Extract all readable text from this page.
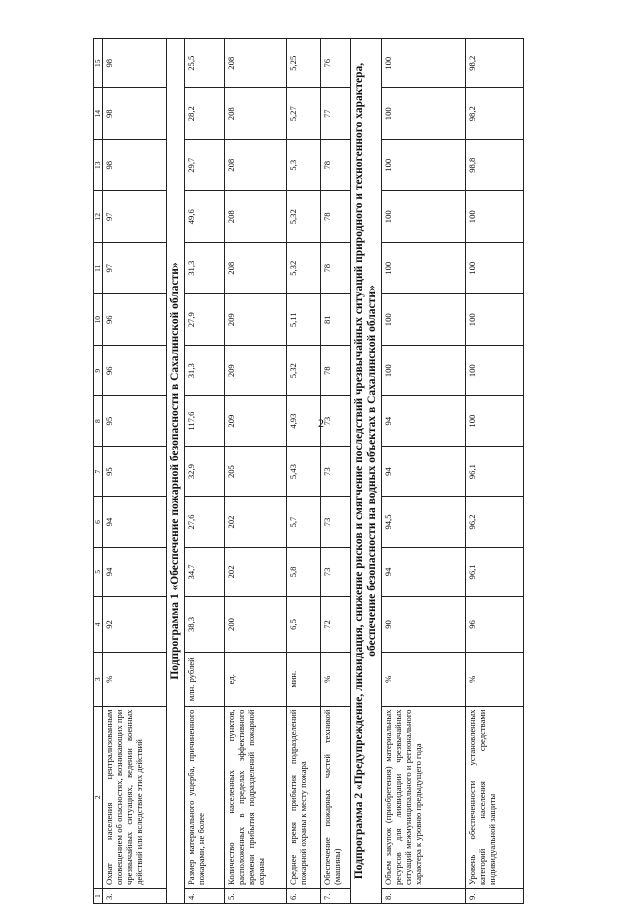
2
1	2	3	4	5	6	7	8	9	10	11	12	13	14	15
3.	Охват населения централизованным оповещением об опасностях, возникающих при чрезвычайных ситуациях, ведении военных действий или вследствие этих действий	%	92	94	94	95	95	96	96	97	97	98	98	98
Подпрограмма 1 «Обеспечение пожарной безопасности в Сахалинской области»														
4.	Размер материального ущерба, причиненного пожарами, не более	млн. рублей	38,3	34,7	27,6	32,9	117,6	31,3	27,9	31,3	49,6	29,7	28,2	25,5
5.	Количество населенных пунктов, расположенных в пределах эффективного времени прибытия подразделений пожарной охраны	ед.	200	202	202	205	209	209	209	208	208	208	208	208
6.	Среднее время прибытия подразделений пожарной охраны к месту пожара	мин.	6,5	5,8	5,7	5,43	4,93	5,32	5,11	5,32	5,32	5,3	5,27	5,25
7.	Обеспечение пожарных частей техникой (машины)	%	72	73	73	73	73	78	81	78	78	78	77	76
Подпрограмма 2 «Предупреждение, ликвидация, снижение рисков и смягчение последствий чрезвычайных ситуаций природного и техногенного характера, обеспечение безопасности на водных объектах в Сахалинской области»														
8.	Объем закупок (приобретения) материальных ресурсов для ликвидации чрезвычайных ситуаций межмуниципального и регионального характера к уровню предыдущего года	%	90	94	94,5	94	94	100	100	100	100	100	100	100
9.	Уровень обеспеченности установленных категорий населения средствами индивидуальной защиты	%	96	96,1	96,2	96,1	100	100	100	100	100	98,8	98,2	98,2
